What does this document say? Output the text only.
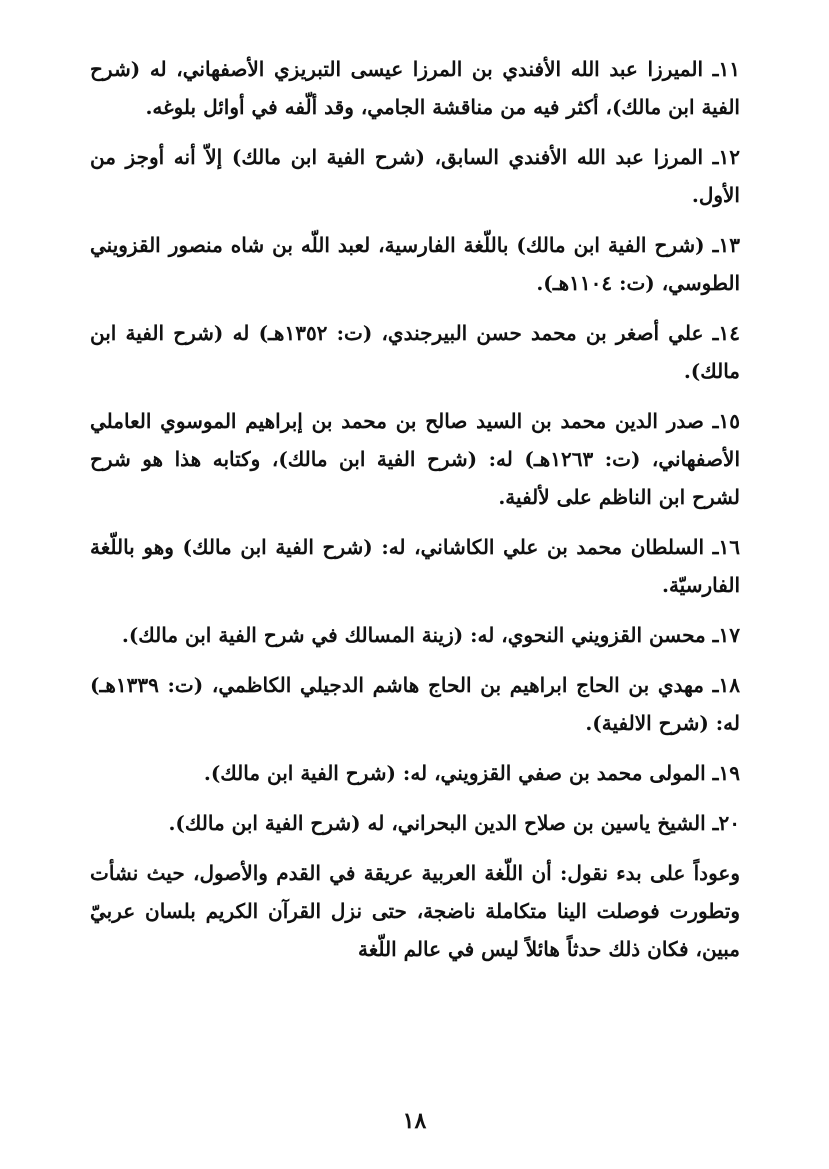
١١ـ الميرزا عبد الله الأفندي بن المرزا عيسى التبريزي الأصفهاني، له (شرح الفية ابن مالك)، أكثر فيه من مناقشة الجامي، وقد ألّفه في أوائل بلوغه.

١٢ـ المرزا عبد الله الأفندي السابق، (شرح الفية ابن مالك) إلاّ أنه أوجز من الأول.

١٣ـ (شرح الفية ابن مالك) باللّغة الفارسية، لعبد اللّه بن شاه منصور القزويني الطوسي، (ت: ١١٠٤هـ).

١٤ـ علي أصغر بن محمد حسن البيرجندي، (ت: ١٣٥٢هـ) له (شرح الفية ابن مالك).

١٥ـ صدر الدين محمد بن السيد صالح بن محمد بن إبراهيم الموسوي العاملي الأصفهاني، (ت: ١٢٦٣هـ) له: (شرح الفية ابن مالك)، وكتابه هذا هو شرح لشرح ابن الناظم على لألفية.

١٦ـ السلطان محمد بن علي الكاشاني، له: (شرح الفية ابن مالك) وهو باللّغة الفارسيّة.

١٧ـ محسن القزويني النحوي، له: (زينة المسالك في شرح الفية ابن مالك).

١٨ـ مهدي بن الحاج ابراهيم بن الحاج هاشم الدجيلي الكاظمي، (ت: ١٣٣٩هـ) له: (شرح الالفية).

١٩ـ المولى محمد بن صفي القزويني، له: (شرح الفية ابن مالك).

٢٠ـ الشيخ ياسين بن صلاح الدين البحراني، له (شرح الفية ابن مالك).

وعوداً على بدء نقول: أن اللّغة العربية عريقة في القدم والأصول، حيث نشأت وتطورت فوصلت الينا متكاملة ناضجة، حتى نزل القرآن الكريم بلسان عربيّ مبين، فكان ذلك حدثاً هائلاً ليس في عالم اللّغة

١٨
